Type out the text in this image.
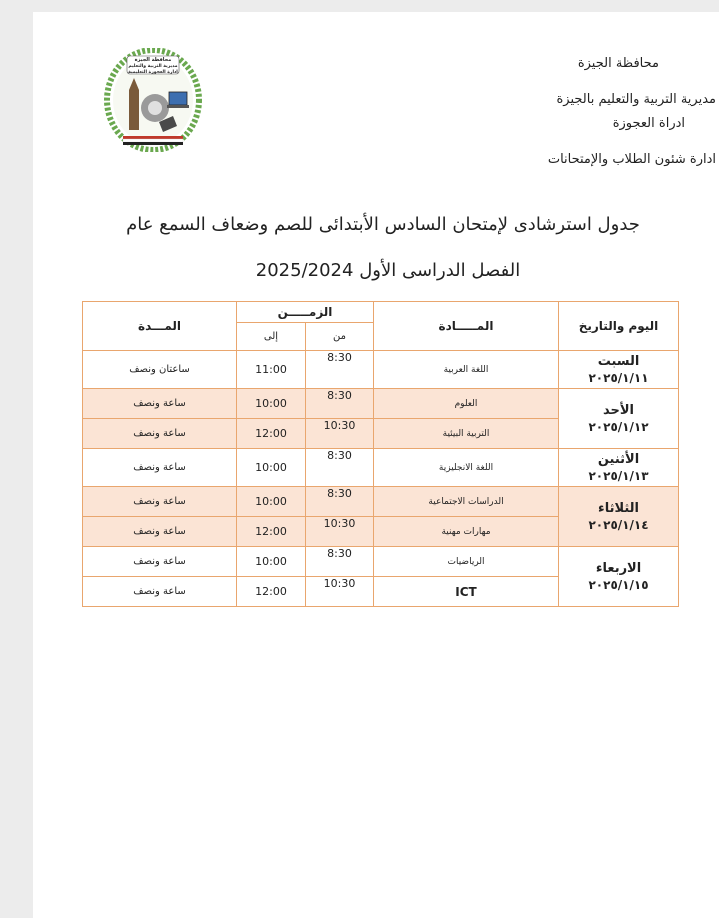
محافظة الجيزة
مديرية التربية والتعليم
ادارة العجوزة التعليمية
محافظة الجيزة
مديرية التربية والتعليم بالجيزة
ادراة العجوزة
ادارة شئون الطلاب والإمتحانات
جدول استرشادى لإمتحان السادس الأبتدائى للصم وضعاف السمع عام
الفصل الدراسى الأول 2025/2024
اليوم والتاريخ	المـــــادة	الزمـــــن		المـــدة
		من	إلى	

السبت
٢٠٢٥/١/١١	اللغة العربية	8:30	11:00	ساعتان ونصف

الأحد
٢٠٢٥/١/١٢	العلوم	8:30	10:00	ساعة ونصف
	التربية البيئية	10:30	12:00	ساعة ونصف

الأثنين
٢٠٢٥/١/١٣	اللغة الانجليزية	8:30	10:00	ساعة ونصف

الثلاثاء
٢٠٢٥/١/١٤	الدراسات الاجتماعية	8:30	10:00	ساعة ونصف
	مهارات مهنية	10:30	12:00	ساعة ونصف

الاربعاء
٢٠٢٥/١/١٥	الرياضيات	8:30	10:00	ساعة ونصف
	ICT	10:30	12:00	ساعة ونصف
